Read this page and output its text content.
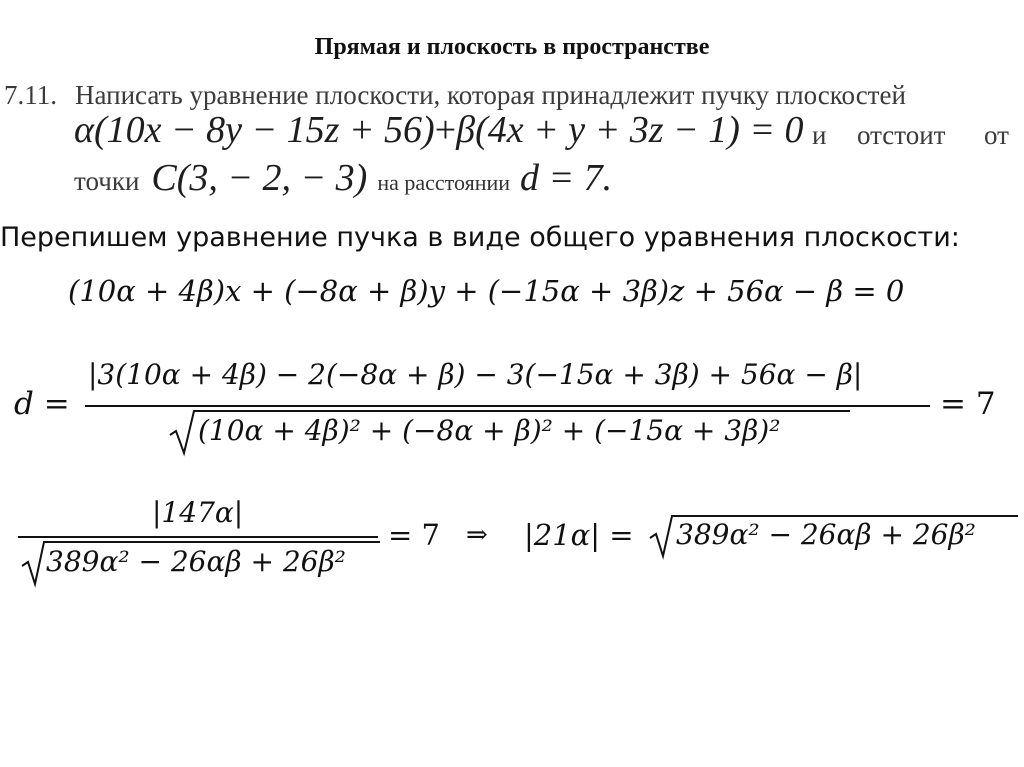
Прямая и плоскость в пространстве
7.11. Написать уравнение плоскости, которая принадлежит пучку плоскостей
α(10x − 8y − 15z + 56)+β(4x + y + 3z − 1) = 0 и отстоит от
точки C(3, − 2, − 3) на расстоянии d = 7.
Перепишем уравнение пучка в виде общего уравнения плоскости:
(10α + 4β)x + (−8α + β)y + (−15α + 3β)z + 56α − β = 0
d =
|3(10α + 4β) − 2(−8α + β) − 3(−15α + 3β) + 56α − β|
(10α + 4β)² + (−8α + β)² + (−15α + 3β)²
= 7
|147α|
389α² − 26αβ + 26β²
= 7 ⇒ |21α| = 389α² − 26αβ + 26β²
